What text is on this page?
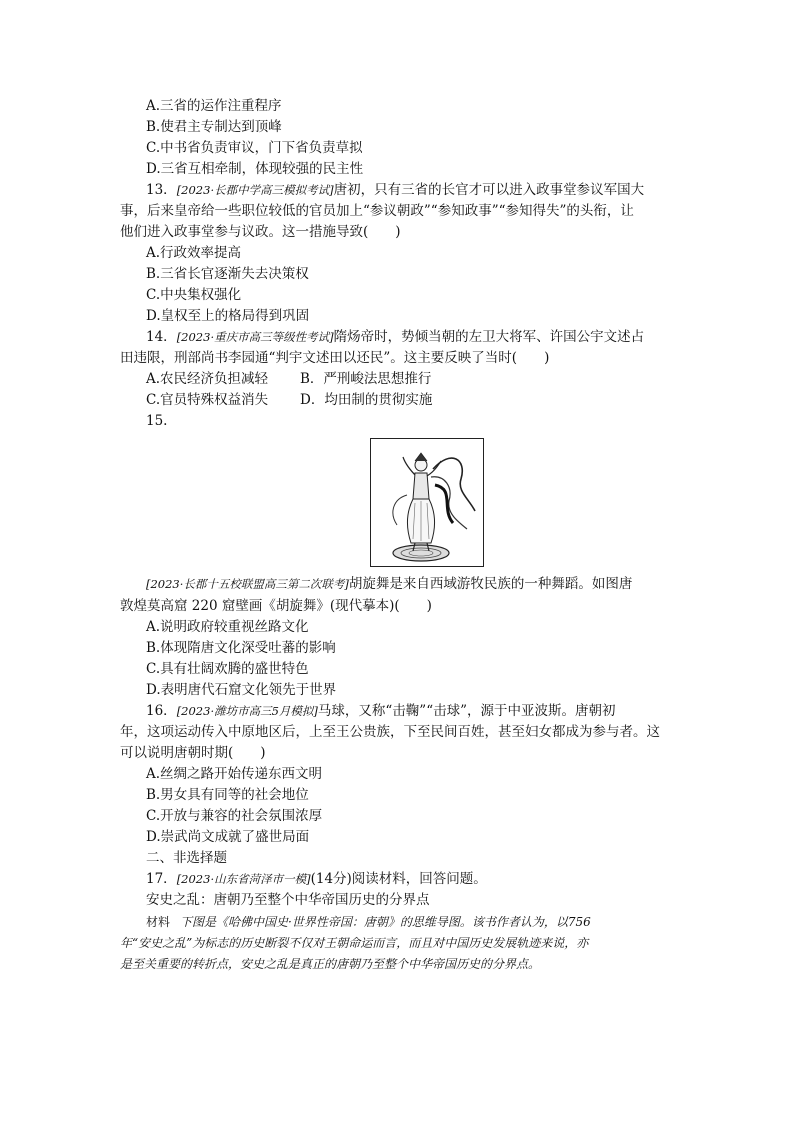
A.三省的运作注重程序
B.使君主专制达到顶峰
C.中书省负责审议，门下省负责草拟
D.三省互相牵制，体现较强的民主性
13．[2023·长郡中学高三模拟考试]唐初，只有三省的长官才可以进入政事堂参议军国大
事，后来皇帝给一些职位较低的官员加上“参议朝政”“参知政事”“参知得失”的头衔，让
他们进入政事堂参与议政。这一措施导致(　　)
A.行政效率提高
B.三省长官逐渐失去决策权
C.中央集权强化
D.皇权至上的格局得到巩固
14．[2023·重庆市高三等级性考试]隋炀帝时，势倾当朝的左卫大将军、许国公宇文述占
田违限，刑部尚书李园通“判宇文述田以还民”。这主要反映了当时(　　)
A.农民经济负担减轻 B．严刑峻法思想推行
C.官员特殊权益消失 D．均田制的贯彻实施
15.
[2023·长郡十五校联盟高三第二次联考]胡旋舞是来自西域游牧民族的一种舞蹈。如图唐
敦煌莫高窟 220 窟壁画《胡旋舞》(现代摹本)(　　)
A.说明政府较重视丝路文化
B.体现隋唐文化深受吐蕃的影响
C.具有壮阔欢腾的盛世特色
D.表明唐代石窟文化领先于世界
16．[2023·潍坊市高三5月模拟]马球，又称“击鞠”“击球”，源于中亚波斯。唐朝初
年，这项运动传入中原地区后，上至王公贵族，下至民间百姓，甚至妇女都成为参与者。这
可以说明唐朝时期(　　)
A.丝绸之路开始传递东西文明
B.男女具有同等的社会地位
C.开放与兼容的社会氛围浓厚
D.崇武尚文成就了盛世局面
二、非选择题
17．[2023·山东省菏泽市一模](14分)阅读材料，回答问题。
安史之乱：唐朝乃至整个中华帝国历史的分界点
材料 下图是《哈佛中国史·世界性帝国：唐朝》的思维导图。该书作者认为，以756
年“安史之乱”为标志的历史断裂不仅对王朝命运而言，而且对中国历史发展轨迹来说，亦
是至关重要的转折点，安史之乱是真正的唐朝乃至整个中华帝国历史的分界点。
